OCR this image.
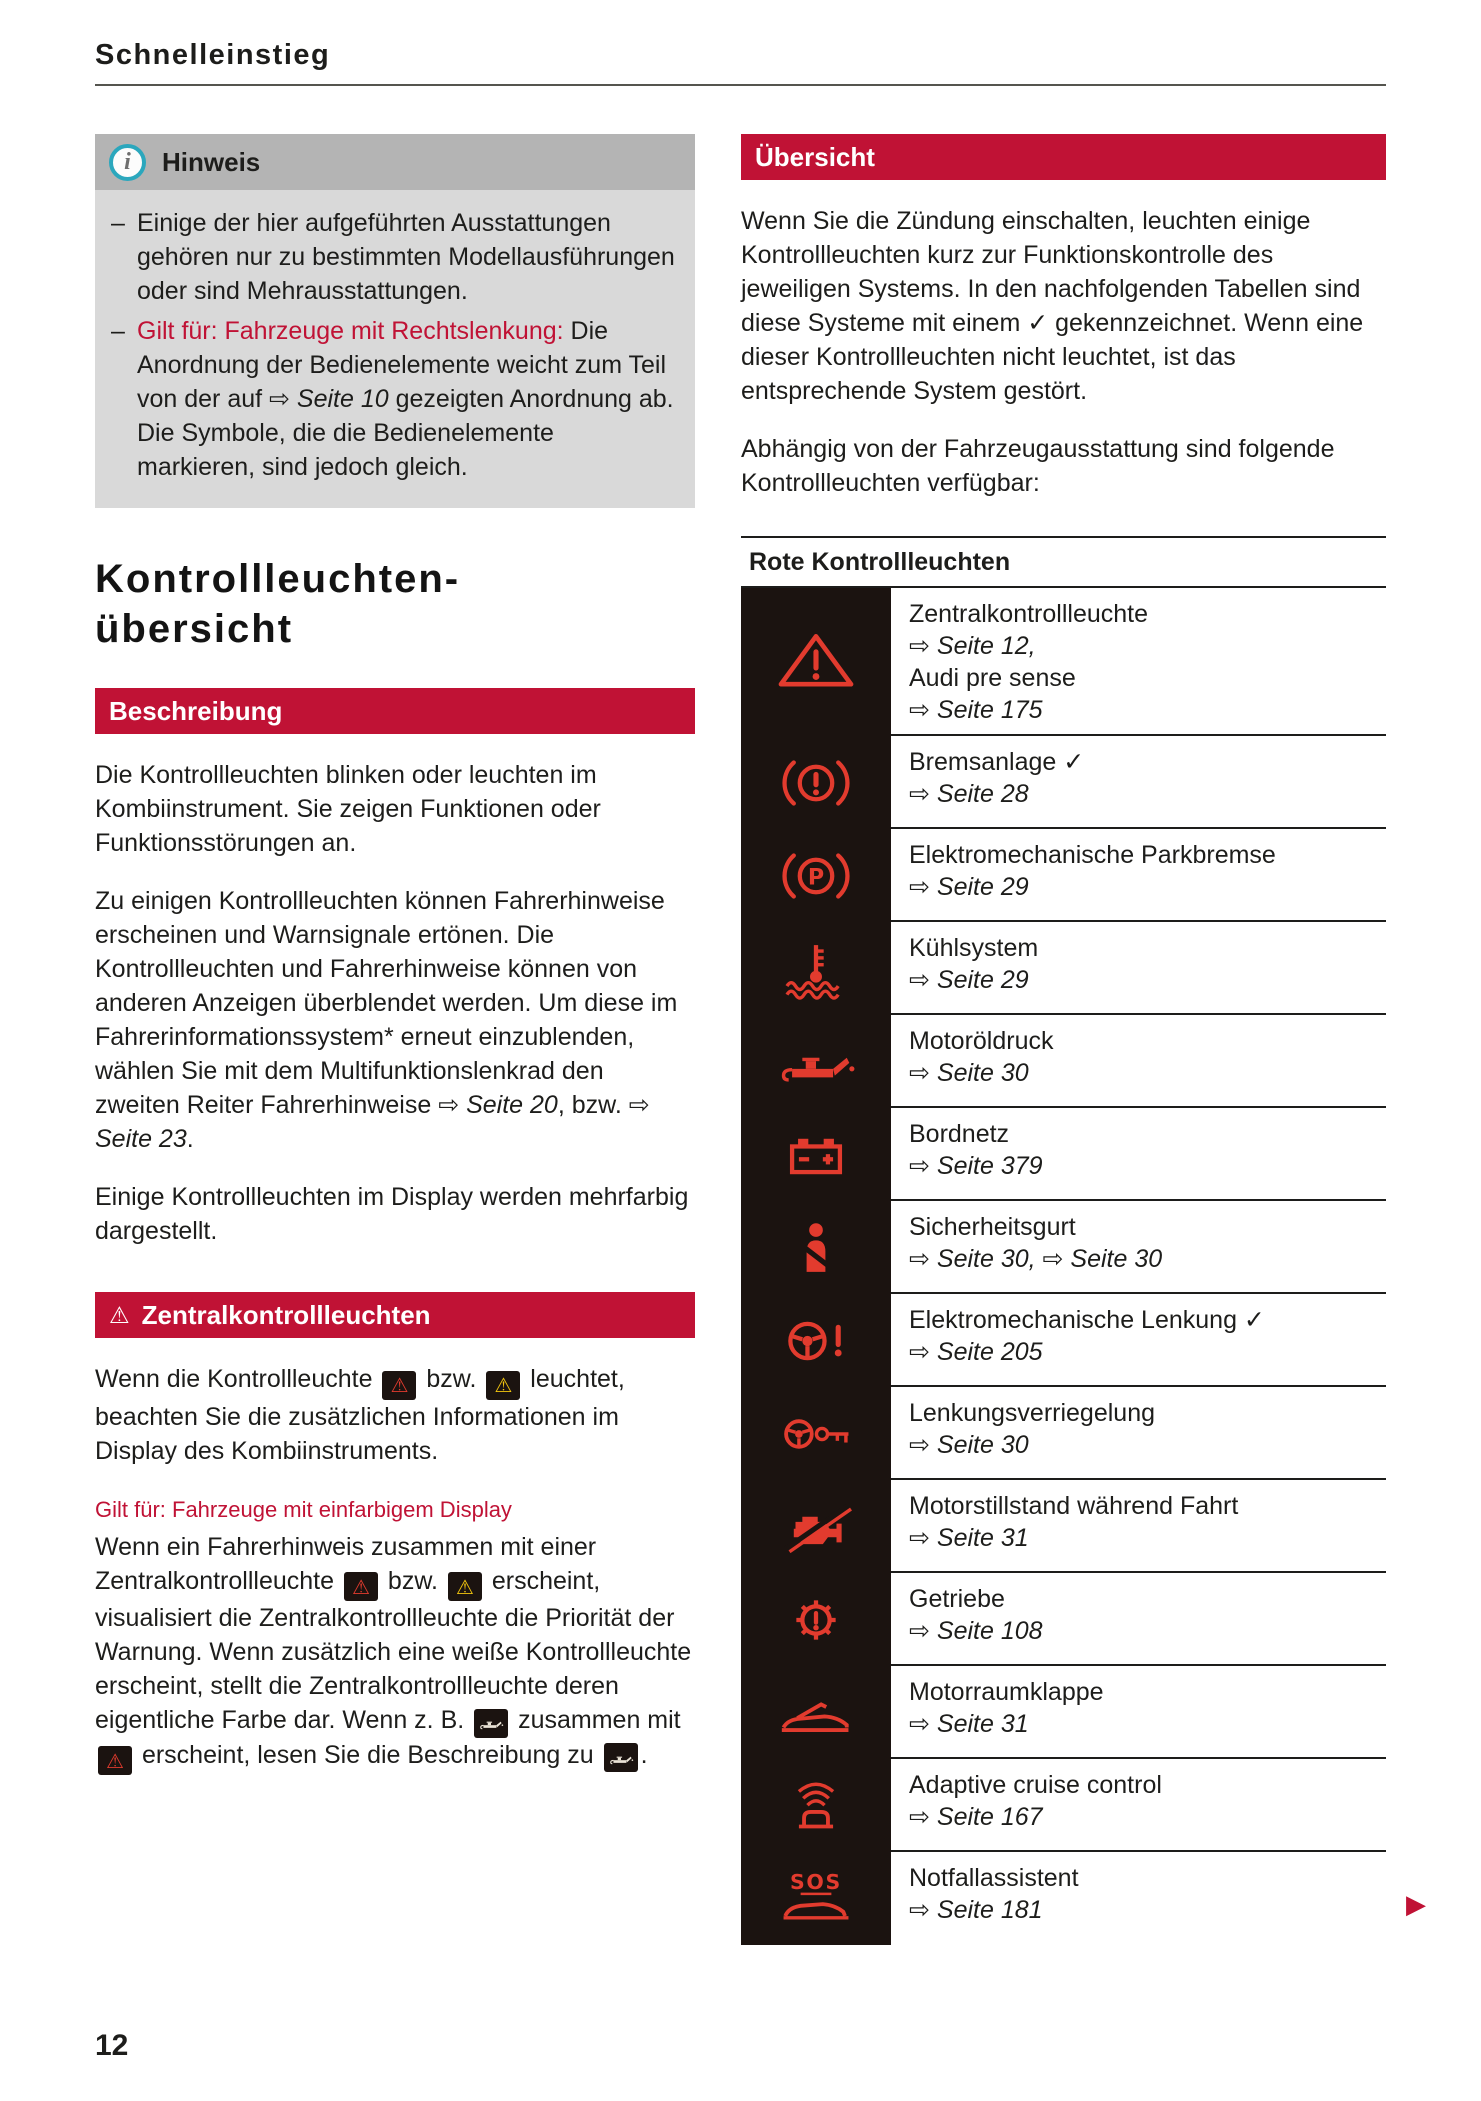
Schnelleinstieg
i Hinweis
– Einige der hier aufgeführten Ausstattungen gehören nur zu bestimmten Modellausführungen oder sind Mehrausstattungen.
– Gilt für: Fahrzeuge mit Rechtslenkung: Die Anordnung der Bedienelemente weicht zum Teil von der auf ⇨ Seite 10 gezeigten Anordnung ab. Die Symbole, die die Bedienelemente markieren, sind jedoch gleich.
Kontrollleuchten-
übersicht
Beschreibung
Die Kontrollleuchten blinken oder leuchten im Kombiinstrument. Sie zeigen Funktionen oder Funktionsstörungen an.
Zu einigen Kontrollleuchten können Fahrerhinweise erscheinen und Warnsignale ertönen. Die Kontrollleuchten und Fahrerhinweise können von anderen Anzeigen überblendet werden. Um diese im Fahrerinformationssystem* erneut einzublenden, wählen Sie mit dem Multifunktionslenkrad den zweiten Reiter Fahrerhinweise ⇨ Seite 20, bzw. ⇨ Seite 23.
Einige Kontrollleuchten im Display werden mehrfarbig dargestellt.
⚠ Zentralkontrollleuchten
Wenn die Kontrollleuchte ⚠ bzw. ⚠ leuchtet, beachten Sie die zusätzlichen Informationen im Display des Kombiinstruments.
Gilt für: Fahrzeuge mit einfarbigem Display
Wenn ein Fahrerhinweis zusammen mit einer Zentralkontrollleuchte ⚠ bzw. ⚠ erscheint, visualisiert die Zentralkontrollleuchte die Priorität der Warnung. Wenn zusätzlich eine weiße Kontrollleuchte erscheint, stellt die Zentralkontrollleuchte deren eigentliche Farbe dar. Wenn z. B.
zusammen mit
⚠ erscheint, lesen Sie die Beschreibung zu
.
Übersicht
Wenn Sie die Zündung einschalten, leuchten einige Kontrollleuchten kurz zur Funktionskontrolle des jeweiligen Systems. In den nachfolgenden Tabellen sind diese Systeme mit einem ✓ gekennzeichnet. Wenn eine dieser Kontrollleuchten nicht leuchtet, ist das entsprechende System gestört.
Abhängig von der Fahrzeugausstattung sind folgende Kontrollleuchten verfügbar:
Rote Kontrollleuchten
Zentralkontrollleuchte
⇨ Seite 12,
Audi pre sense
⇨ Seite 175
Bremsanlage ✓
⇨ Seite 28
P
Elektromechanische Parkbremse
⇨ Seite 29
Kühlsystem
⇨ Seite 29
Motoröldruck
⇨ Seite 30
Bordnetz
⇨ Seite 379
Sicherheitsgurt
⇨ Seite 30, ⇨ Seite 30
Elektromechanische Lenkung ✓
⇨ Seite 205
Lenkungsverriegelung
⇨ Seite 30
Motorstillstand während Fahrt
⇨ Seite 31
Getriebe
⇨ Seite 108
Motorraumklappe
⇨ Seite 31
Adaptive cruise control
⇨ Seite 167
SOS	Notfallassistent
⇨ Seite 181	▶
12
